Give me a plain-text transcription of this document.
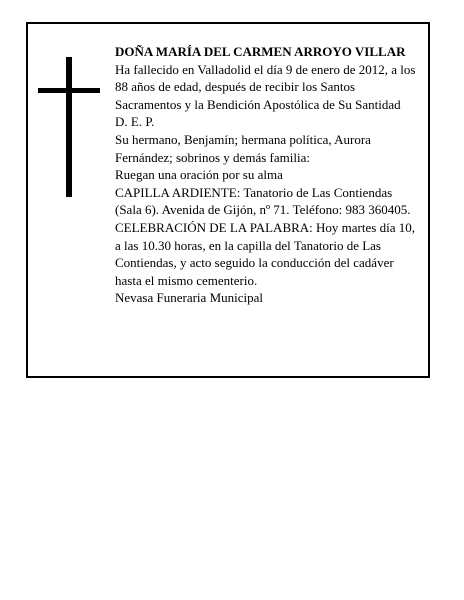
DOÑA MARÍA DEL CARMEN ARROYO VILLAR

Ha fallecido en Valladolid el día 9 de enero de 2012, a los 88 años de edad, después de recibir los Santos Sacramentos y la Bendición Apostólica de Su Santidad

D. E. P.

Su hermano, Benjamín; hermana política, Aurora Fernández; sobrinos y demás familia:

Ruegan una oración por su alma

CAPILLA ARDIENTE: Tanatorio de Las Contiendas (Sala 6). Avenida de Gijón, nº 71. Teléfono: 983 360405.

CELEBRACIÓN DE LA PALABRA: Hoy martes día 10, a las 10.30 horas, en la capilla del Tanatorio de Las Contiendas, y acto seguido la conducción del cadáver hasta el mismo cementerio.

Nevasa Funeraria Municipal
